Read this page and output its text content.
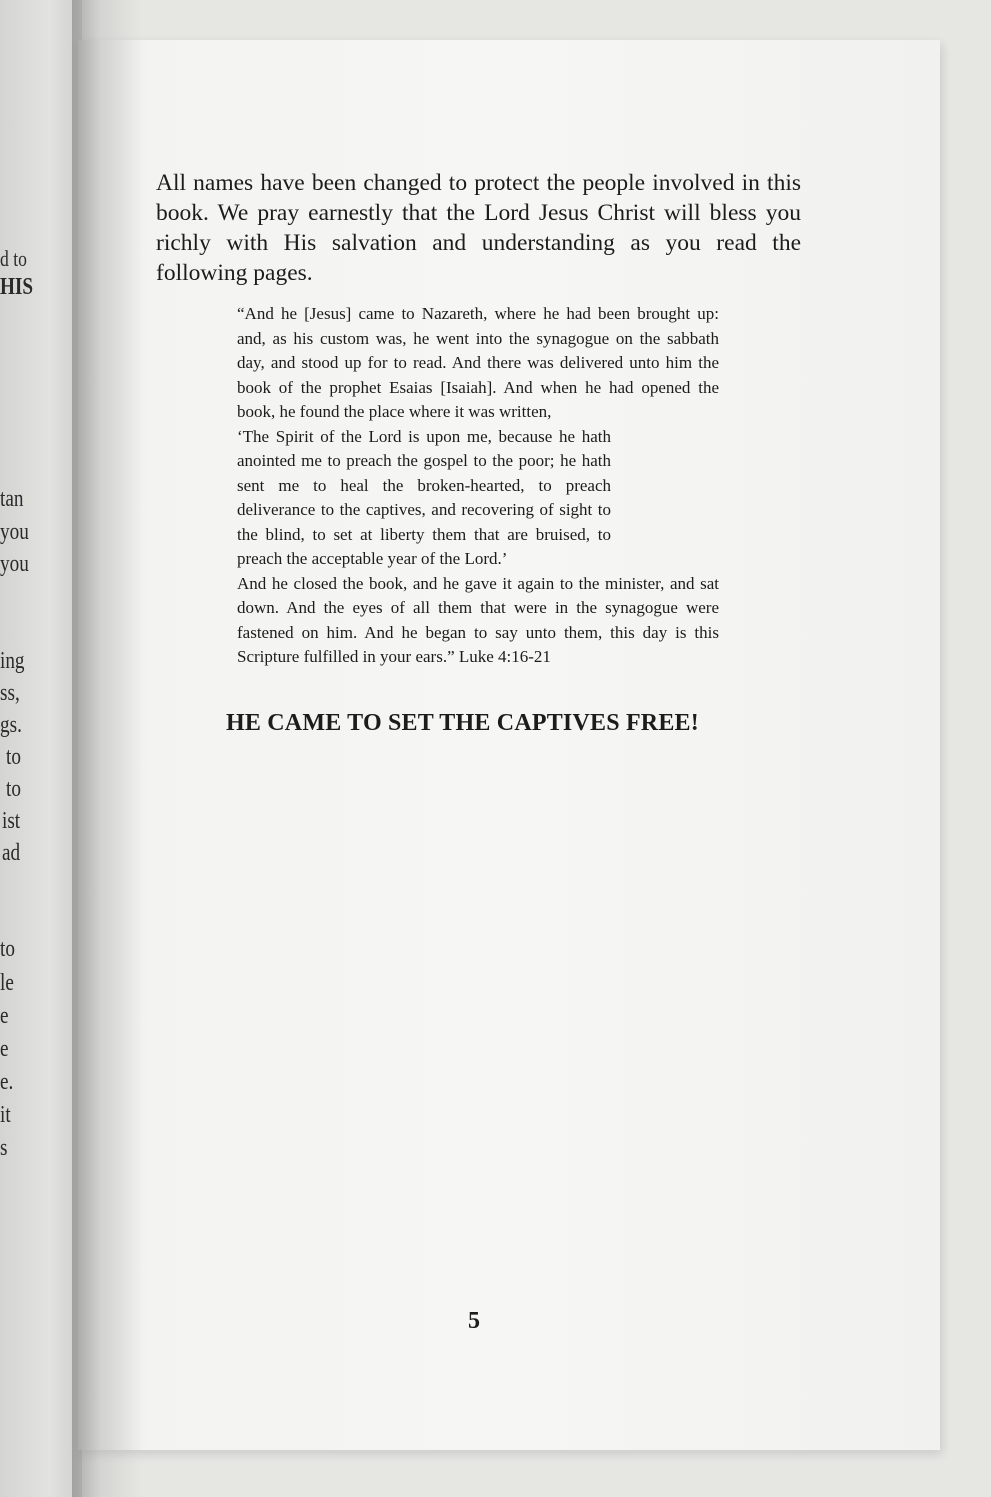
d to
HIS
tan
you
you
ing
ss,
gs.
to
to
ist
ad
to
le
e
e
e.
it
s

All names have been changed to protect the people involved in this book. We pray earnestly that the Lord Jesus Christ will bless you richly with His salvation and understanding as you read the following pages.

“And he [Jesus] came to Nazareth, where he had been brought up: and, as his custom was, he went into the synagogue on the sabbath day, and stood up for to read. And there was delivered unto him the book of the prophet Esaias [Isaiah]. And when he had opened the book, he found the place where it was written,

‘The Spirit of the Lord is upon me, because he hath anointed me to preach the gospel to the poor; he hath sent me to heal the broken-hearted, to preach deliverance to the captives, and recovering of sight to the blind, to set at liberty them that are bruised, to preach the acceptable year of the Lord.’

And he closed the book, and he gave it again to the minister, and sat down. And the eyes of all them that were in the synagogue were fastened on him. And he began to say unto them, this day is this Scripture fulfilled in your ears.” Luke 4:16-21

HE CAME TO SET THE CAPTIVES FREE!
5
